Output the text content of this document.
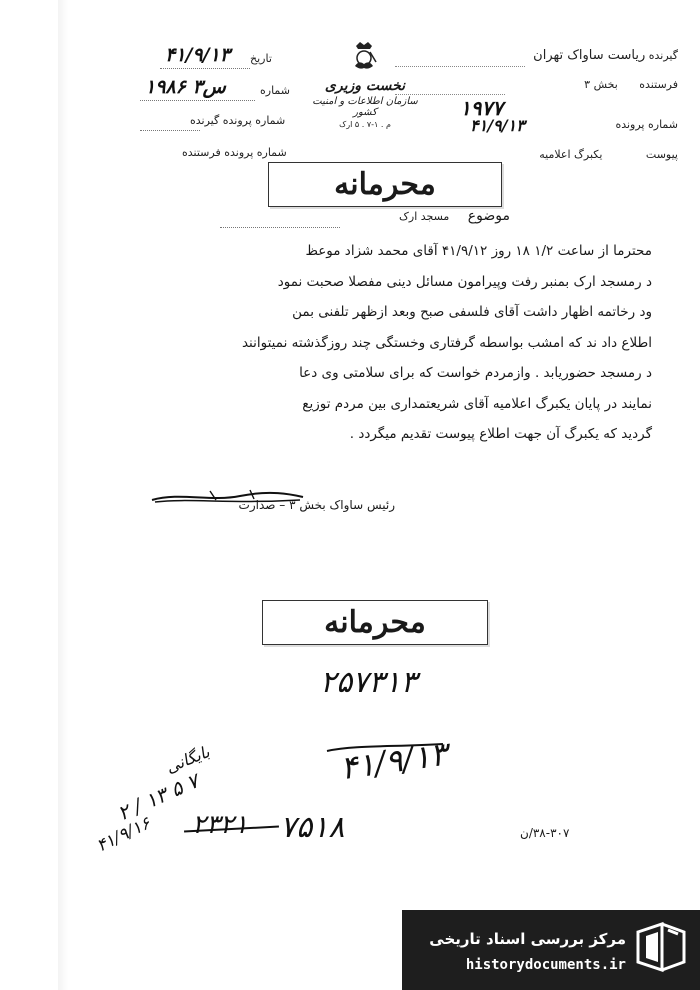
گیرنده ریاست ساواک تهران
فرستنده بخش ۳
شماره پرونده
۱۹۷۷
۴۱/۹/۱۳
پیوست یکبرگ اعلامیه
نخست وزیری
سازمان اطلاعات و امنیت کشور
م . ۱-۷ . ۵ ارک
تاریخ
۴۱/۹/۱۳
شماره
۱۹۸۶ س۳
شماره پرونده گیرنده
شماره پرونده فرستنده
محرمانه
موضوع مسجد ارک

محترما از ساعت ۱/۲ ۱۸ روز ۴۱/۹/۱۲ آقای محمد شزاد موعظ

د رمسجد ارک بمنبر رفت وپیرامون مسائل دینی مفصلا صحبت نمود

ود رخاتمه اظهار داشت آقای فلسفی صبح وبعد ازظهر تلفنی بمن

اطلاع داد ند که امشب بواسطه گرفتاری وخستگی چند روزگذشته نمیتوانند

د رمسجد حضوریابد . وازمردم خواست که برای سلامتی وی دعا

نمایند در پایان یکبرگ اعلامیه آقای شریعتمداری بین مردم توزیع

گردید که یکبرگ آن جهت اطلاع پیوست تقدیم میگردد .

رئیس ساواک بخش ۳ – صدارت
محرمانه
۲۵۷۳۱۳
۴۱/۹/۱۳
بایگانی
۲ / ۱۳ ۵ ۷
۴۱/۹/۱۶ ۲۳۲۱ ۷۵۱۸	۳۸-۳۰۷/ن
مرکز بررسی اسناد تاریخی
historydocuments.ir
